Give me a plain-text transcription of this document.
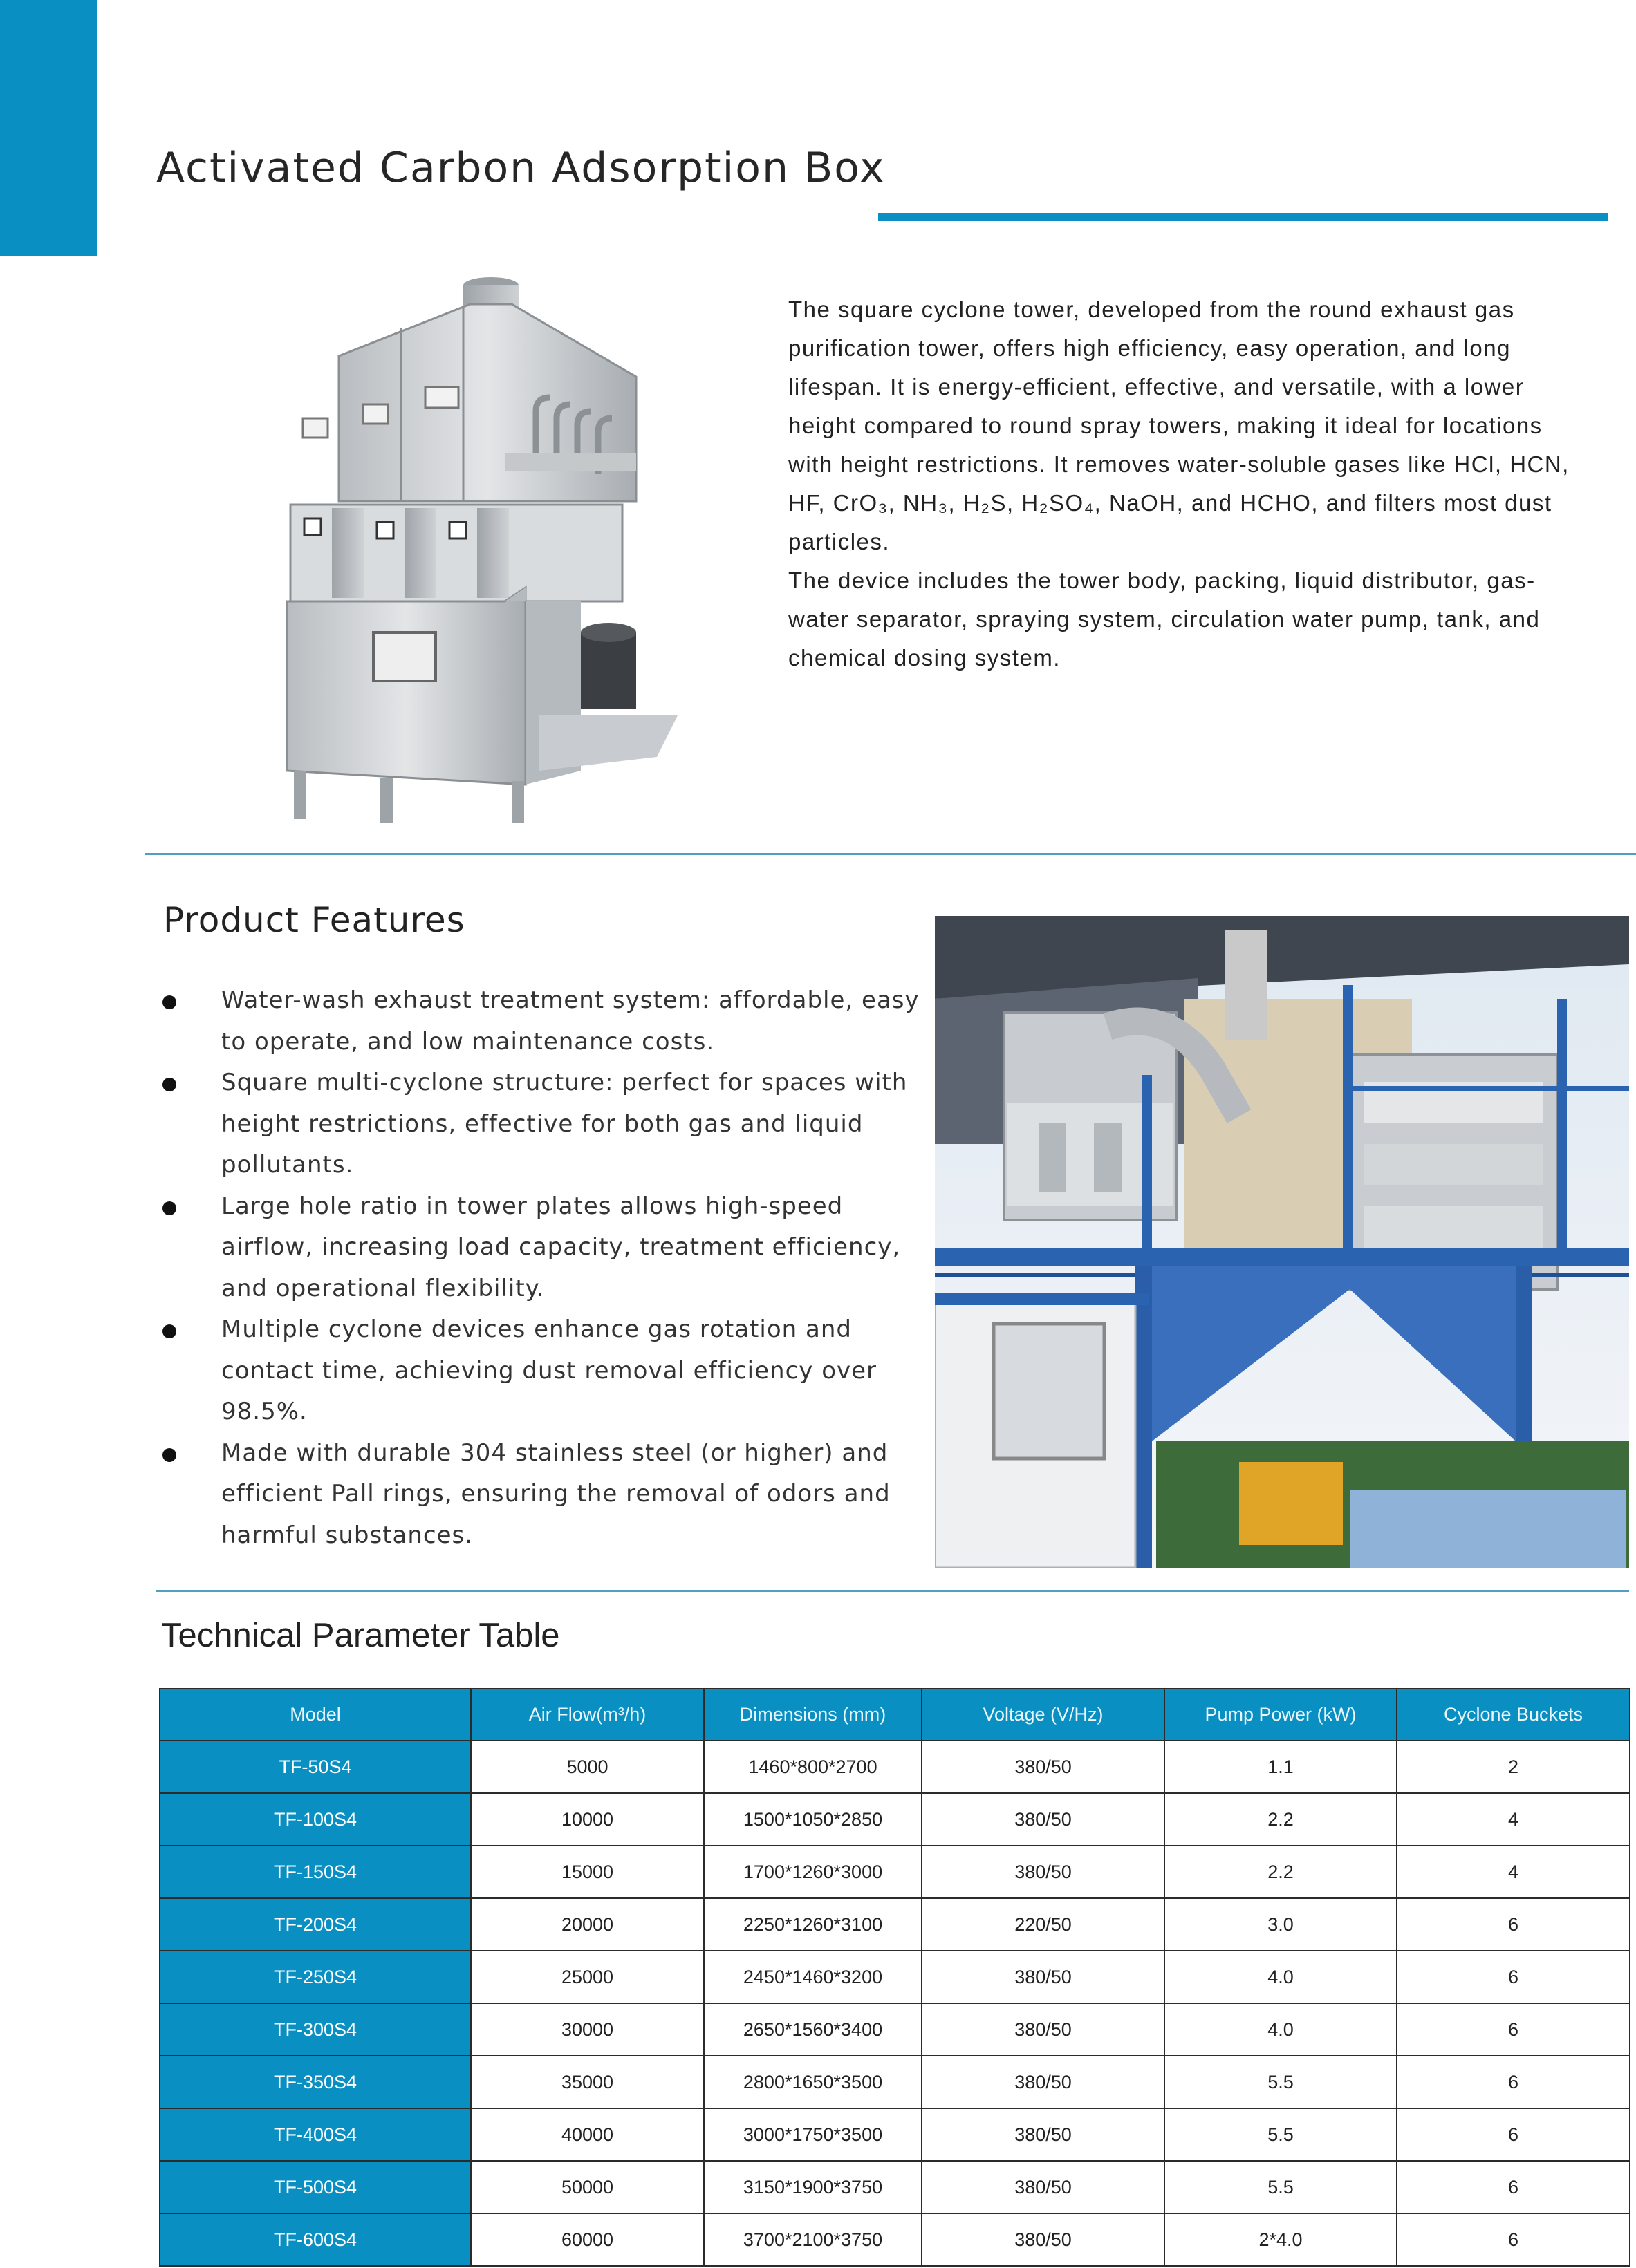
Activated Carbon Adsorption Box

The square cyclone tower, developed from the round exhaust gas purification tower, offers high efficiency, easy operation, and long lifespan. It is energy-efficient, effective, and versatile, with a lower height compared to round spray towers, making it ideal for locations with height restrictions. It removes water-soluble gases like HCl, HCN, HF, CrO₃, NH₃, H₂S, H₂SO₄, NaOH, and HCHO, and filters most dust particles.

The device includes the tower body, packing, liquid distributor, gas-water separator, spraying system, circulation water pump, tank, and chemical dosing system.

Product Features
Water-wash exhaust treatment system: affordable, easy to operate, and low maintenance costs.
Square multi-cyclone structure: perfect for spaces with height restrictions, effective for both gas and liquid pollutants.
Large hole ratio in tower plates allows high-speed airflow, increasing load capacity, treatment efficiency, and operational flexibility.
Multiple cyclone devices enhance gas rotation and contact time, achieving dust removal efficiency over 98.5%.
Made with durable 304 stainless steel (or higher) and efficient Pall rings, ensuring the removal of odors and harmful substances.
Technical Parameter Table
Model	Air Flow(m³/h)	Dimensions (mm)	Voltage (V/Hz)	Pump Power (kW)	Cyclone Buckets
TF-50S4	5000	1460*800*2700	380/50	1.1	2
TF-100S4	10000	1500*1050*2850	380/50	2.2	4
TF-150S4	15000	1700*1260*3000	380/50	2.2	4
TF-200S4	20000	2250*1260*3100	220/50	3.0	6
TF-250S4	25000	2450*1460*3200	380/50	4.0	6
TF-300S4	30000	2650*1560*3400	380/50	4.0	6
TF-350S4	35000	2800*1650*3500	380/50	5.5	6
TF-400S4	40000	3000*1750*3500	380/50	5.5	6
TF-500S4	50000	3150*1900*3750	380/50	5.5	6
TF-600S4	60000	3700*2100*3750	380/50	2*4.0	6
